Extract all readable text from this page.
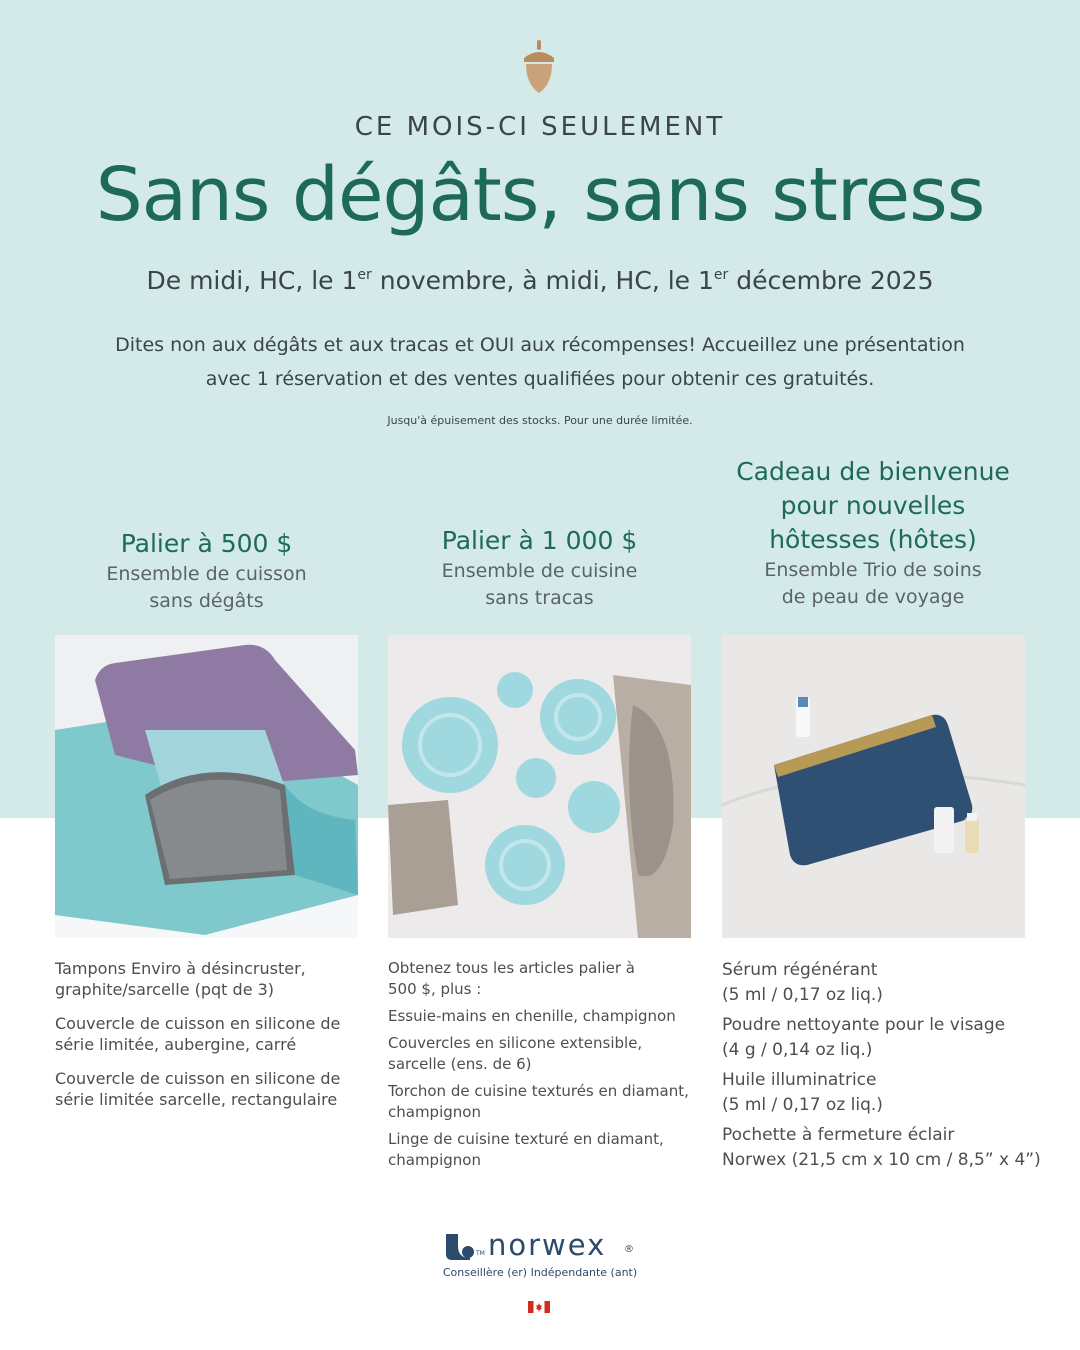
CE MOIS-CI SEULEMENT
Sans dégâts, sans stress
De midi, HC, le 1er novembre, à midi, HC, le 1er décembre 2025
Dites non aux dégâts et aux tracas et OUI aux récompenses! Accueillez une présentation
avec 1 réservation et des ventes qualifiées pour obtenir ces gratuités.
Jusqu'à épuisement des stocks. Pour une durée limitée.
Palier à 500 $
Ensemble de cuisson
sans dégâts
Palier à 1 000 $
Ensemble de cuisine
sans tracas
Cadeau de bienvenue
pour nouvelles
hôtesses (hôtes)
Ensemble Trio de soins
de peau de voyage
Tampons Enviro à désincruster,
graphite/sarcelle (pqt de 3)
Couvercle de cuisson en silicone de
série limitée, aubergine, carré
Couvercle de cuisson en silicone de
série limitée sarcelle, rectangulaire
Obtenez tous les articles palier à
500 $, plus :
Essuie-mains en chenille, champignon
Couvercles en silicone extensible,
sarcelle (ens. de 6)
Torchon de cuisine texturés en diamant,
champignon
Linge de cuisine texturé en diamant,
champignon
Sérum régénérant
(5 ml / 0,17 oz liq.)
Poudre nettoyante pour le visage
(4 g / 0,14 oz liq.)
Huile illuminatrice
(5 ml / 0,17 oz liq.)
Pochette à fermeture éclair
Norwex (21,5 cm x 10 cm / 8,5” x 4”)
TM norwex ®
Conseillère (er) Indépendante (ant)
